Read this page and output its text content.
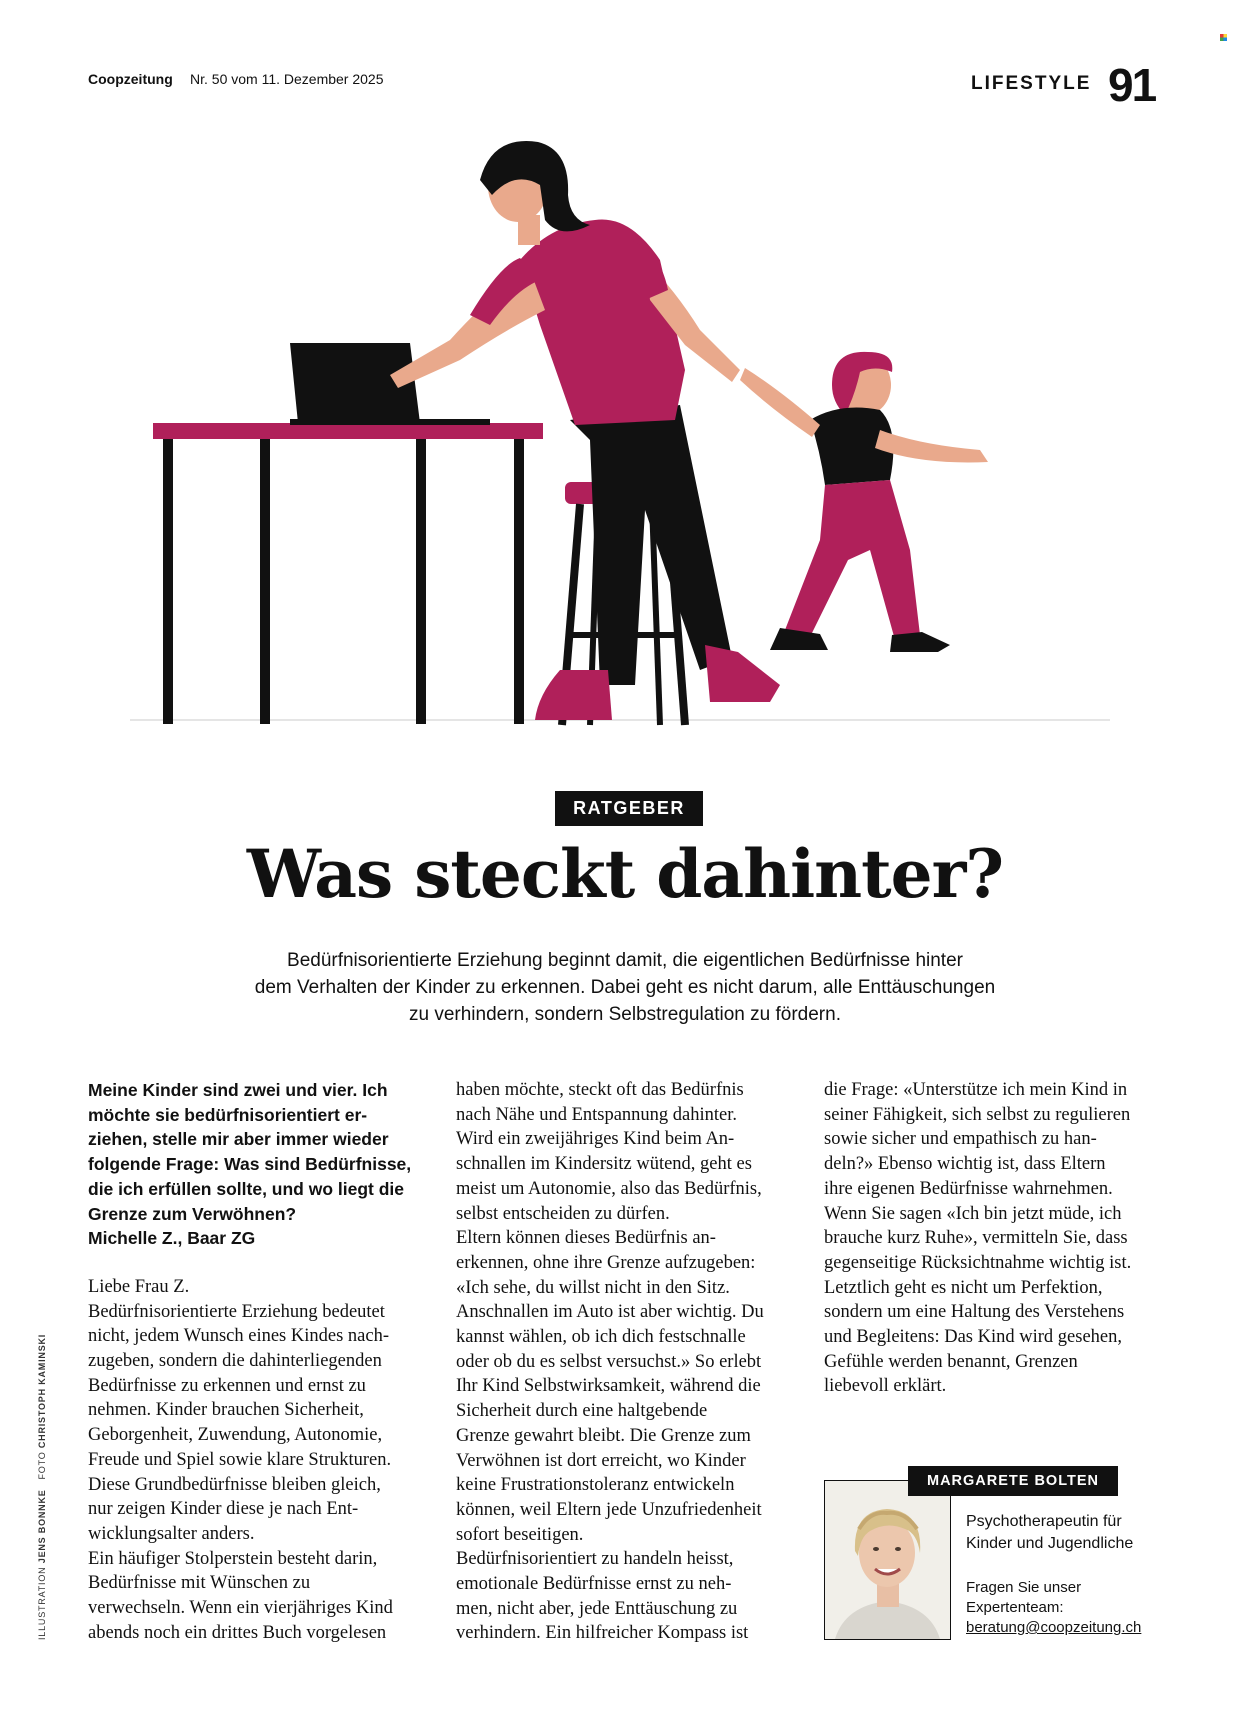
Coopzeitung Nr. 50 vom 11. Dezember 2025	LIFESTYLE 91
RATGEBER
Was steckt dahinter?
Bedürfnisorientierte Erziehung beginnt damit, die eigentlichen Bedürfnisse hinter
dem Verhalten der Kinder zu erkennen. Dabei geht es nicht darum, alle Enttäuschungen
zu verhindern, sondern Selbstregulation zu fördern.

Meine Kinder sind zwei und vier. Ich
möchte sie bedürfnisorientiert er-
ziehen, stelle mir aber immer wieder
folgende Frage: Was sind Bedürfnisse,
die ich erfüllen sollte, und wo liegt die
Grenze zum Verwöhnen?
Michelle Z., Baar ZG

Liebe Frau Z.
Bedürfnisorientierte Erziehung bedeutet
nicht, jedem Wunsch eines Kindes nach-
zugeben, sondern die dahinterliegenden
Bedürfnisse zu erkennen und ernst zu
nehmen. Kinder brauchen Sicherheit,
Geborgenheit, Zuwendung, Autonomie,
Freude und Spiel sowie klare Strukturen.
Diese Grundbedürfnisse bleiben gleich,
nur zeigen Kinder diese je nach Ent-
wicklungsalter anders.
Ein häufiger Stolperstein besteht darin,
Bedürfnisse mit Wünschen zu
verwechseln. Wenn ein vierjähriges Kind
abends noch ein drittes Buch vorgelesen

haben möchte, steckt oft das Bedürfnis
nach Nähe und Entspannung dahinter.
Wird ein zweijähriges Kind beim An-
schnallen im Kindersitz wütend, geht es
meist um Autonomie, also das Bedürfnis,
selbst entscheiden zu dürfen.
Eltern können dieses Bedürfnis an-
erkennen, ohne ihre Grenze aufzugeben:
«Ich sehe, du willst nicht in den Sitz.
Anschnallen im Auto ist aber wichtig. Du
kannst wählen, ob ich dich festschnalle
oder ob du es selbst versuchst.» So erlebt
Ihr Kind Selbstwirksamkeit, während die
Sicherheit durch eine haltgebende
Grenze gewahrt bleibt. Die Grenze zum
Verwöhnen ist dort erreicht, wo Kinder
keine Frustrationstoleranz entwickeln
können, weil Eltern jede Unzufriedenheit
sofort beseitigen.
Bedürfnisorientiert zu handeln heisst,
emotionale Bedürfnisse ernst zu neh-
men, nicht aber, jede Enttäuschung zu
verhindern. Ein hilfreicher Kompass ist

die Frage: «Unterstütze ich mein Kind in
seiner Fähigkeit, sich selbst zu regulieren
sowie sicher und empathisch zu han-
deln?» Ebenso wichtig ist, dass Eltern
ihre eigenen Bedürfnisse wahrnehmen.
Wenn Sie sagen «Ich bin jetzt müde, ich
brauche kurz Ruhe», vermitteln Sie, dass
gegenseitige Rücksichtnahme wichtig ist.
Letztlich geht es nicht um Perfektion,
sondern um eine Haltung des Verstehens
und Begleitens: Das Kind wird gesehen,
Gefühle werden benannt, Grenzen
liebevoll erklärt.

ILLUSTRATION JENS BONNKE   FOTO CHRISTOPH KAMINSKI
MARGARETE BOLTEN
Psychotherapeutin für
Kinder und Jugendliche
Fragen Sie unser
Expertenteam:
beratung@coopzeitung.ch
